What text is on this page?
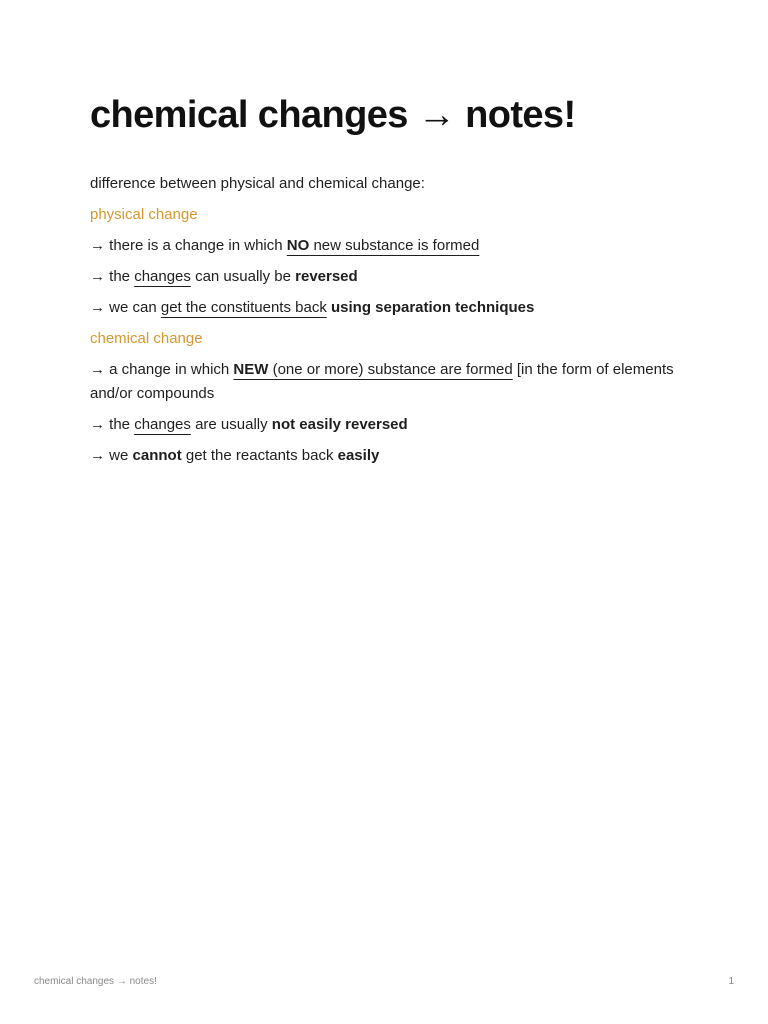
chemical changes → notes!

difference between physical and chemical change:

physical change

→ there is a change in which NO new substance is formed

→ the changes can usually be reversed

→ we can get the constituents back using separation techniques

chemical change

→ a change in which NEW (one or more) substance are formed [in the form of elements and/or compounds

→ the changes are usually not easily reversed

→ we cannot get the reactants back easily

chemical changes → notes!	1
